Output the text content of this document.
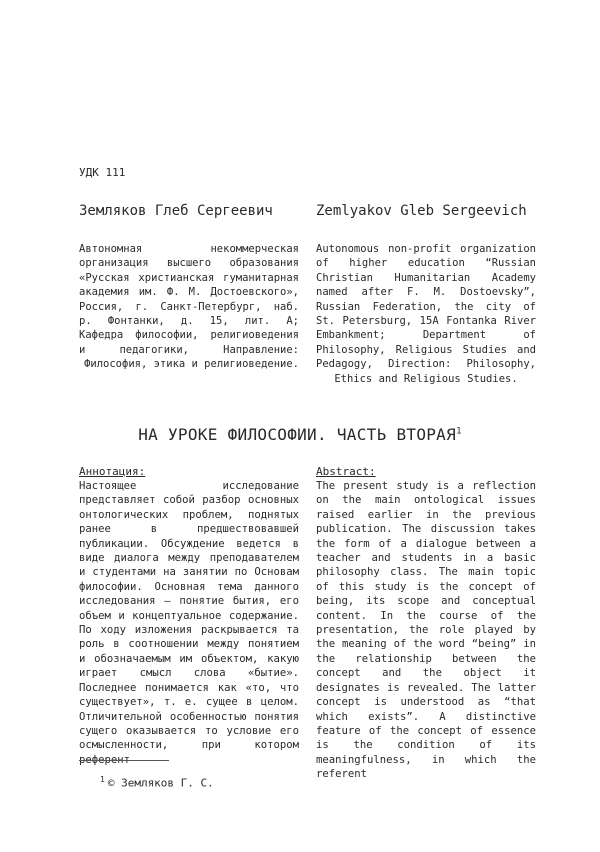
УДК 111
Земляков Глеб Сергеевич	Zemlyakov Gleb Sergeevich
Автономная некоммерческая организация высшего образования «Русская христианская гуманитарная академия им. Ф. М. Достоевского», Россия, г. Санкт-Петербург, наб. р. Фонтанки, д. 15, лит. А; Кафедра философии, религиоведения и педагогики, Направление: Философия, этика и религиоведение.
Autonomous non-profit organization of higher education “Russian Christian Humanitarian Academy named after F. M. Dostoevsky”, Russian Federation, the city of St. Petersburg, 15A Fontanka River Embankment; Department of Philosophy, Religious Studies and Pedagogy, Direction: Philosophy, Ethics and Religious Studies.
НА УРОКЕ ФИЛОСОФИИ. ЧАСТЬ ВТОРАЯ$^1$
Аннотация:	Abstract:
Настоящее исследование представляет собой разбор основных онтологических проблем, поднятых ранее в предшествовавшей публикации. Обсуждение ведется в виде диалога между преподавателем и студентами на занятии по Основам философии. Основная тема данного исследования — понятие бытия, его объем и концептуальное содержание. По ходу изложения раскрывается та роль в соотношении между понятием и обозначаемым им объектом, какую играет смысл слова «бытие». Последнее понимается как «то, что существует», т. е. сущее в целом. Отличительной особенностью понятия сущего оказывается то условие его осмысленности, при котором референт
The present study is a reflection on the main ontological issues raised earlier in the previous publication. The discussion takes the form of a dialogue between a teacher and students in a basic philosophy class. The main topic of this study is the concept of being, its scope and conceptual content. In the course of the presentation, the role played by the meaning of the word “being” in the relationship between the concept and the object it designates is revealed. The latter concept is understood as “that which exists”. A distinctive feature of the concept of essence is the condition of its meaningfulness, in which the referent
$^1$ © Земляков Г. С.
